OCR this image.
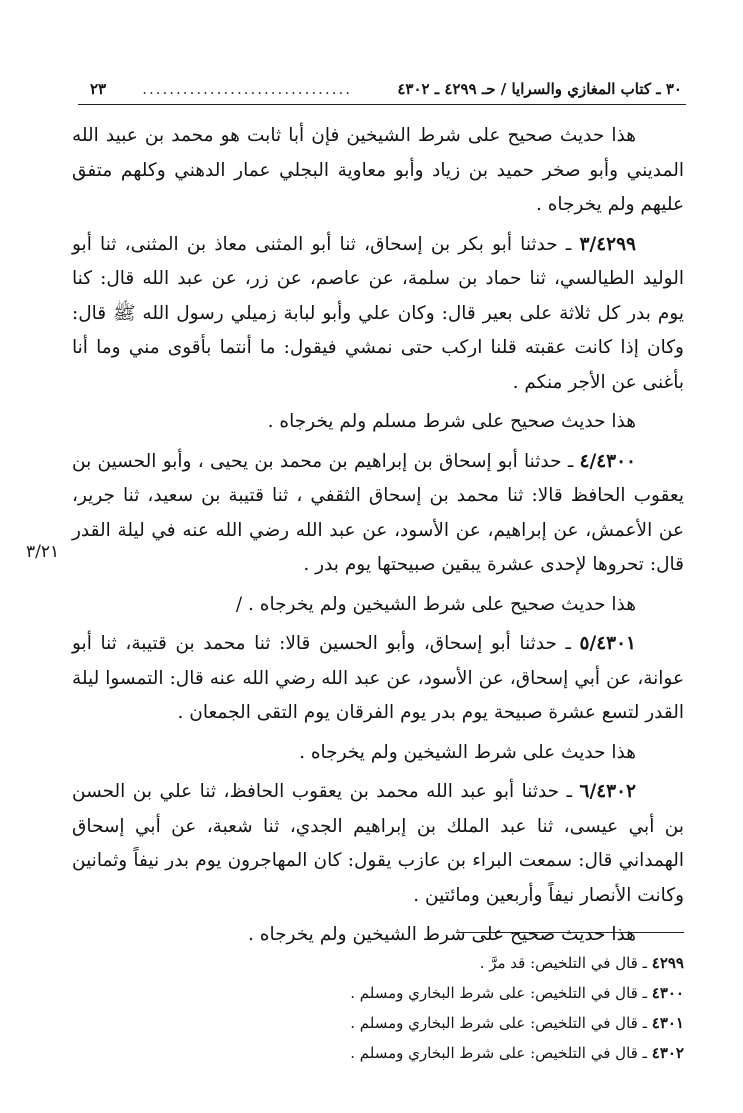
٣٠ ـ كتاب المغازي والسرايا / حـ ٤٢٩٩ ـ ٤٣٠٢
...............................
٢٣
٣/٢١

هذا حديث صحيح على شرط الشيخين فإن أبا ثابت هو محمد بن عبيد الله المديني وأبو صخر حميد بن زياد وأبو معاوية البجلي عمار الدهني وكلهم متفق عليهم ولم يخرجاه .

٣/٤٢٩٩ ـ حدثنا أبو بكر بن إسحاق، ثنا أبو المثنى معاذ بن المثنى، ثنا أبو الوليد الطيالسي، ثنا حماد بن سلمة، عن عاصم، عن زر، عن عبد الله قال: كنا يوم بدر كل ثلاثة على بعير قال: وكان علي وأبو لبابة زميلي رسول الله ﷺ قال: وكان إذا كانت عقبته قلنا اركب حتى نمشي فيقول: ما أنتما بأقوى مني وما أنا بأغنى عن الأجر منكم .

هذا حديث صحيح على شرط مسلم ولم يخرجاه .

٤/٤٣٠٠ ـ حدثنا أبو إسحاق بن إبراهيم بن محمد بن يحيى ، وأبو الحسين بن يعقوب الحافظ قالا: ثنا محمد بن إسحاق الثقفي ، ثنا قتيبة بن سعيد، ثنا جرير، عن الأعمش، عن إبراهيم، عن الأسود، عن عبد الله رضي الله عنه في ليلة القدر قال: تحروها لإحدى عشرة يبقين صبيحتها يوم بدر .

هذا حديث صحيح على شرط الشيخين ولم يخرجاه . /

٥/٤٣٠١ ـ حدثنا أبو إسحاق، وأبو الحسين قالا: ثنا محمد بن قتيبة، ثنا أبو عوانة، عن أبي إسحاق، عن الأسود، عن عبد الله رضي الله عنه قال: التمسوا ليلة القدر لتسع عشرة صبيحة يوم بدر يوم الفرقان يوم التقى الجمعان .

هذا حديث على شرط الشيخين ولم يخرجاه .

٦/٤٣٠٢ ـ حدثنا أبو عبد الله محمد بن يعقوب الحافظ، ثنا علي بن الحسن بن أبي عيسى، ثنا عبد الملك بن إبراهيم الجدي، ثنا شعبة، عن أبي إسحاق الهمداني قال: سمعت البراء بن عازب يقول: كان المهاجرون يوم بدر نيفاً وثمانين وكانت الأنصار نيفاً وأربعين ومائتين .

هذا حديث صحيح على شرط الشيخين ولم يخرجاه .

٤٢٩٩ ـ قال في التلخيص: قد مرَّ .
٤٣٠٠ ـ قال في التلخيص: على شرط البخاري ومسلم .
٤٣٠١ ـ قال في التلخيص: على شرط البخاري ومسلم .
٤٣٠٢ ـ قال في التلخيص: على شرط البخاري ومسلم .
